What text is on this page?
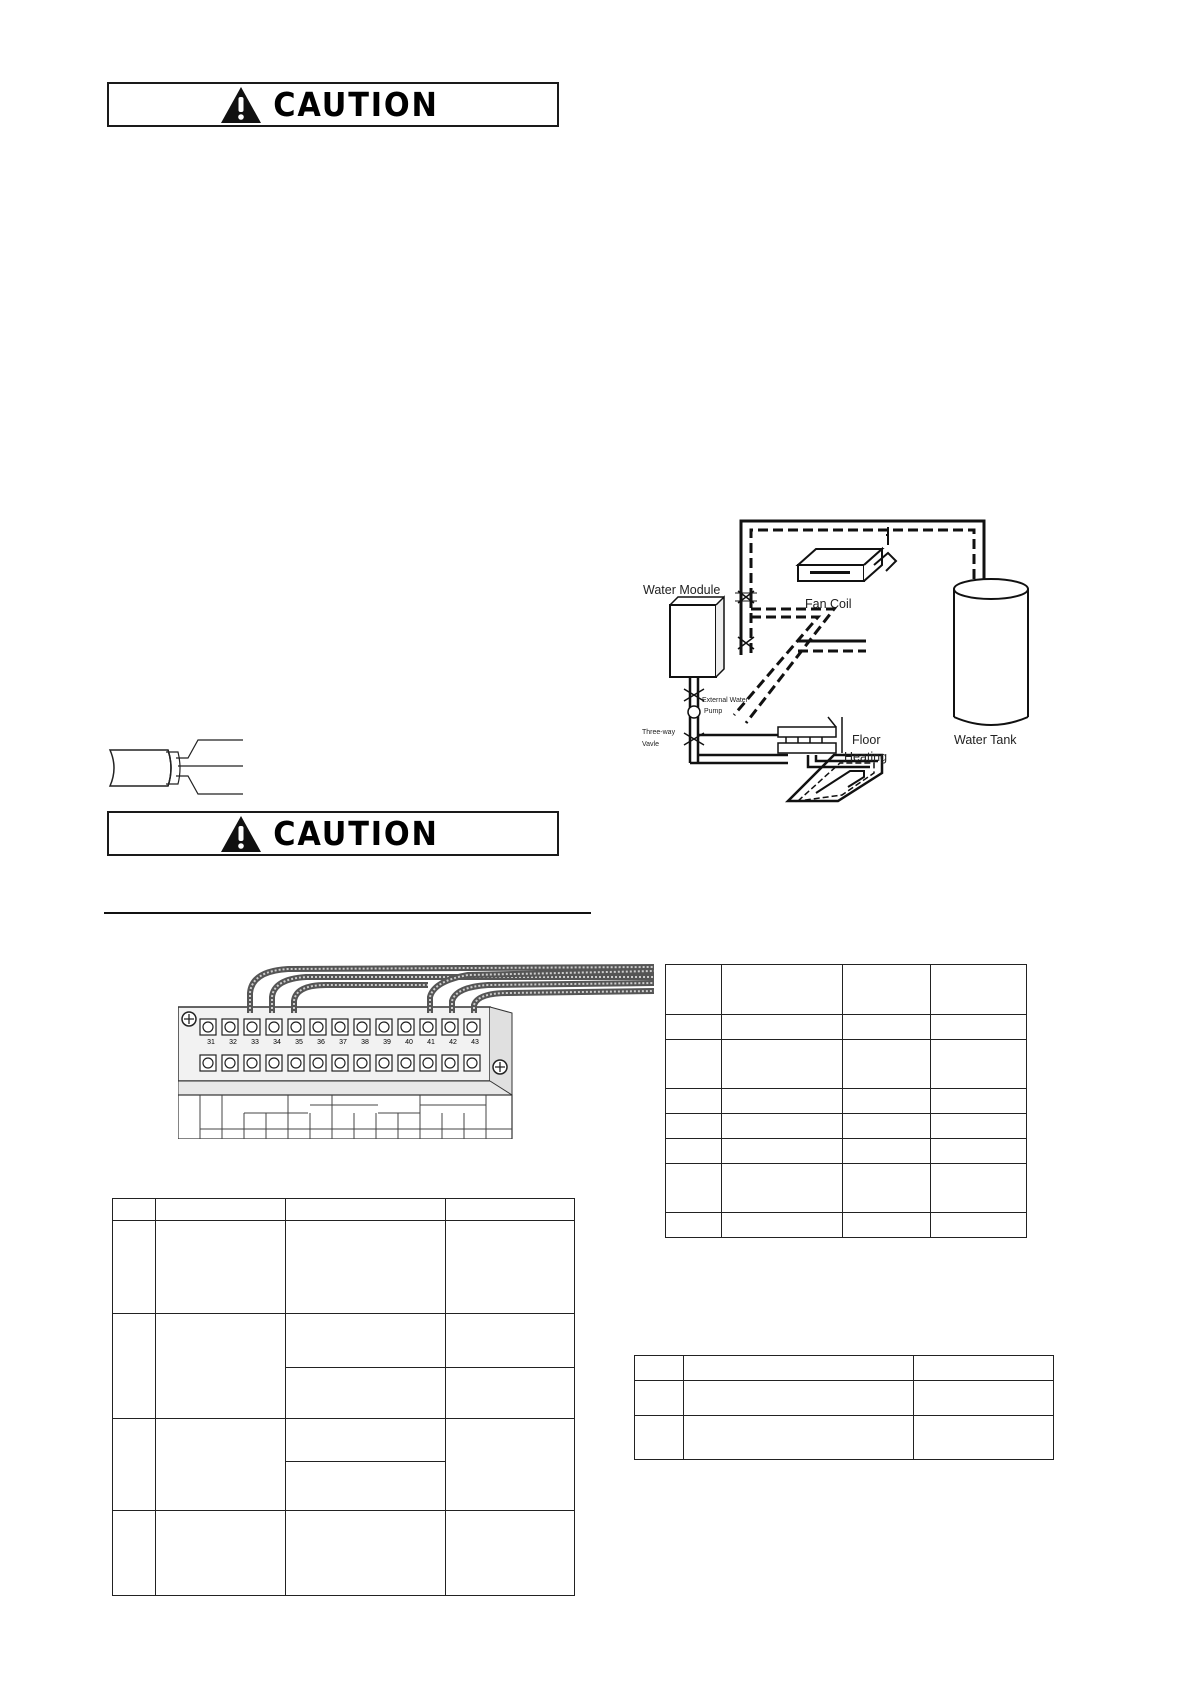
CAUTION
CAUTION
Water Module
Fan Coil
External Water
Pump
Three-way
Vavle	Floor
Heating
Water Tank
31	32	33	34	35	36	37	38	39	40	41	42	43
